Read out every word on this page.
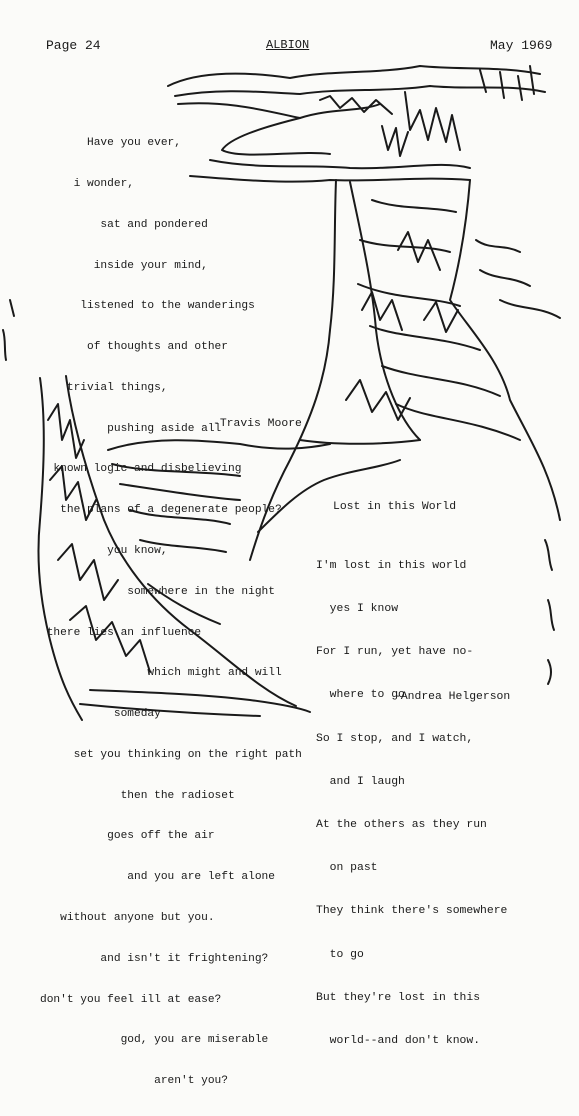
Page 24	ALBION	May 1969

Have you ever,

i wonder,

sat and pondered

inside your mind,

listened to the wanderings

of thoughts and other

trivial things,

pushing aside all

known logic and disbelieving

the plans of a degenerate people?

you know,

somewhere in the night

there lies an influence

which might and will

someday

set you thinking on the right path

then the radioset

goes off the air

and you are left alone

without anyone but you.

and isn't it frightening?

don't you feel ill at ease?

god, you are miserable

aren't you?

-Travis Moore
Lost in this World

I'm lost in this world

yes I know

For I run, yet have no-

where to go

So I stop, and I watch,

and I laugh

At the others as they run

on past

They think there's somewhere

to go

But they're lost in this

world--and don't know.

-Andrea Helgerson
